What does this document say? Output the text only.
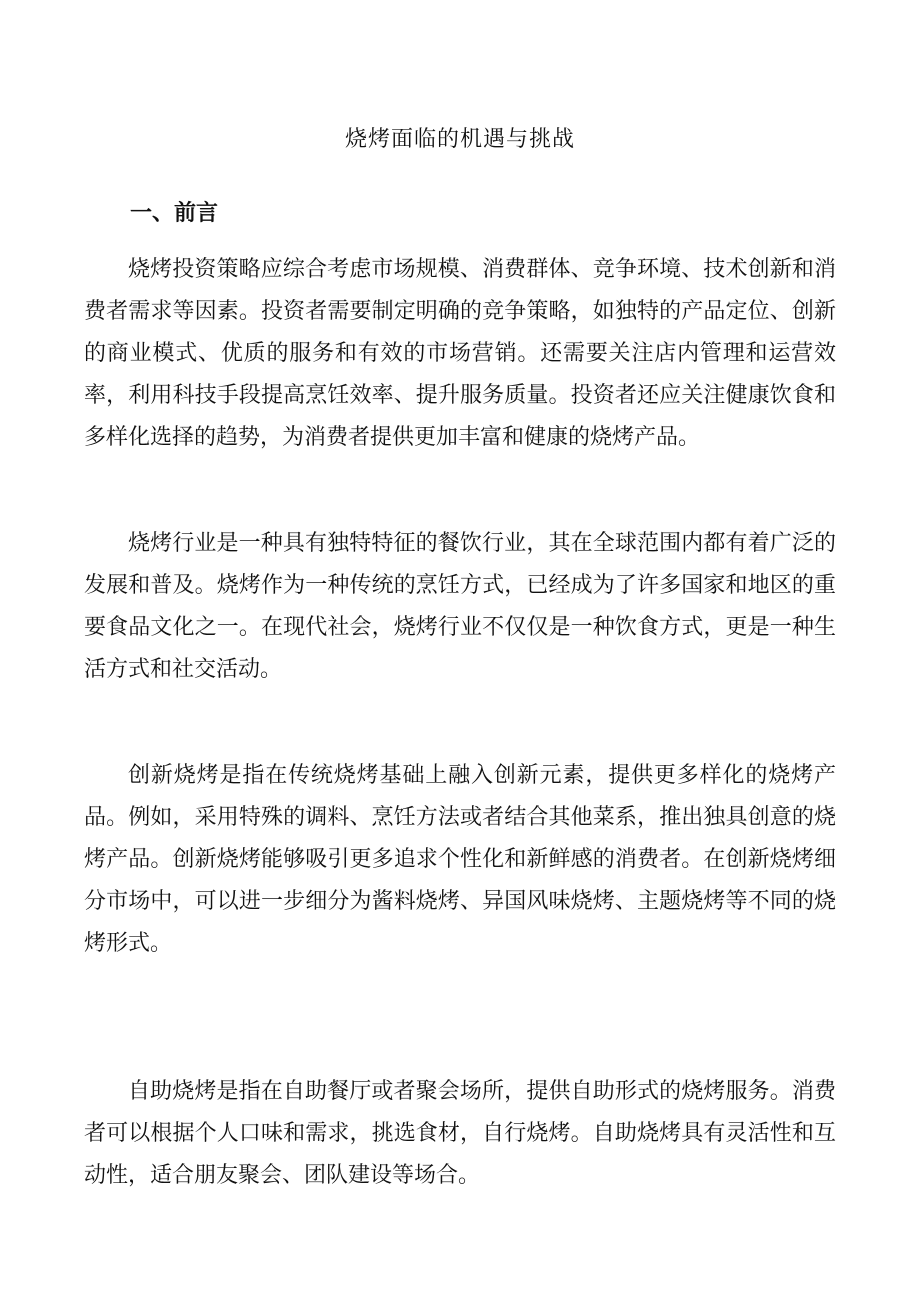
烧烤面临的机遇与挑战
一、前言

烧烤投资策略应综合考虑市场规模、消费群体、竞争环境、技术创新和消费者需求等因素。投资者需要制定明确的竞争策略，如独特的产品定位、创新的商业模式、优质的服务和有效的市场营销。还需要关注店内管理和运营效率，利用科技手段提高烹饪效率、提升服务质量。投资者还应关注健康饮食和多样化选择的趋势，为消费者提供更加丰富和健康的烧烤产品。

烧烤行业是一种具有独特特征的餐饮行业，其在全球范围内都有着广泛的发展和普及。烧烤作为一种传统的烹饪方式，已经成为了许多国家和地区的重要食品文化之一。在现代社会，烧烤行业不仅仅是一种饮食方式，更是一种生活方式和社交活动。

创新烧烤是指在传统烧烤基础上融入创新元素，提供更多样化的烧烤产品。例如，采用特殊的调料、烹饪方法或者结合其他菜系，推出独具创意的烧烤产品。创新烧烤能够吸引更多追求个性化和新鲜感的消费者。在创新烧烤细分市场中，可以进一步细分为酱料烧烤、异国风味烧烤、主题烧烤等不同的烧烤形式。

自助烧烤是指在自助餐厅或者聚会场所，提供自助形式的烧烤服务。消费者可以根据个人口味和需求，挑选食材，自行烧烤。自助烧烤具有灵活性和互动性，适合朋友聚会、团队建设等场合。
